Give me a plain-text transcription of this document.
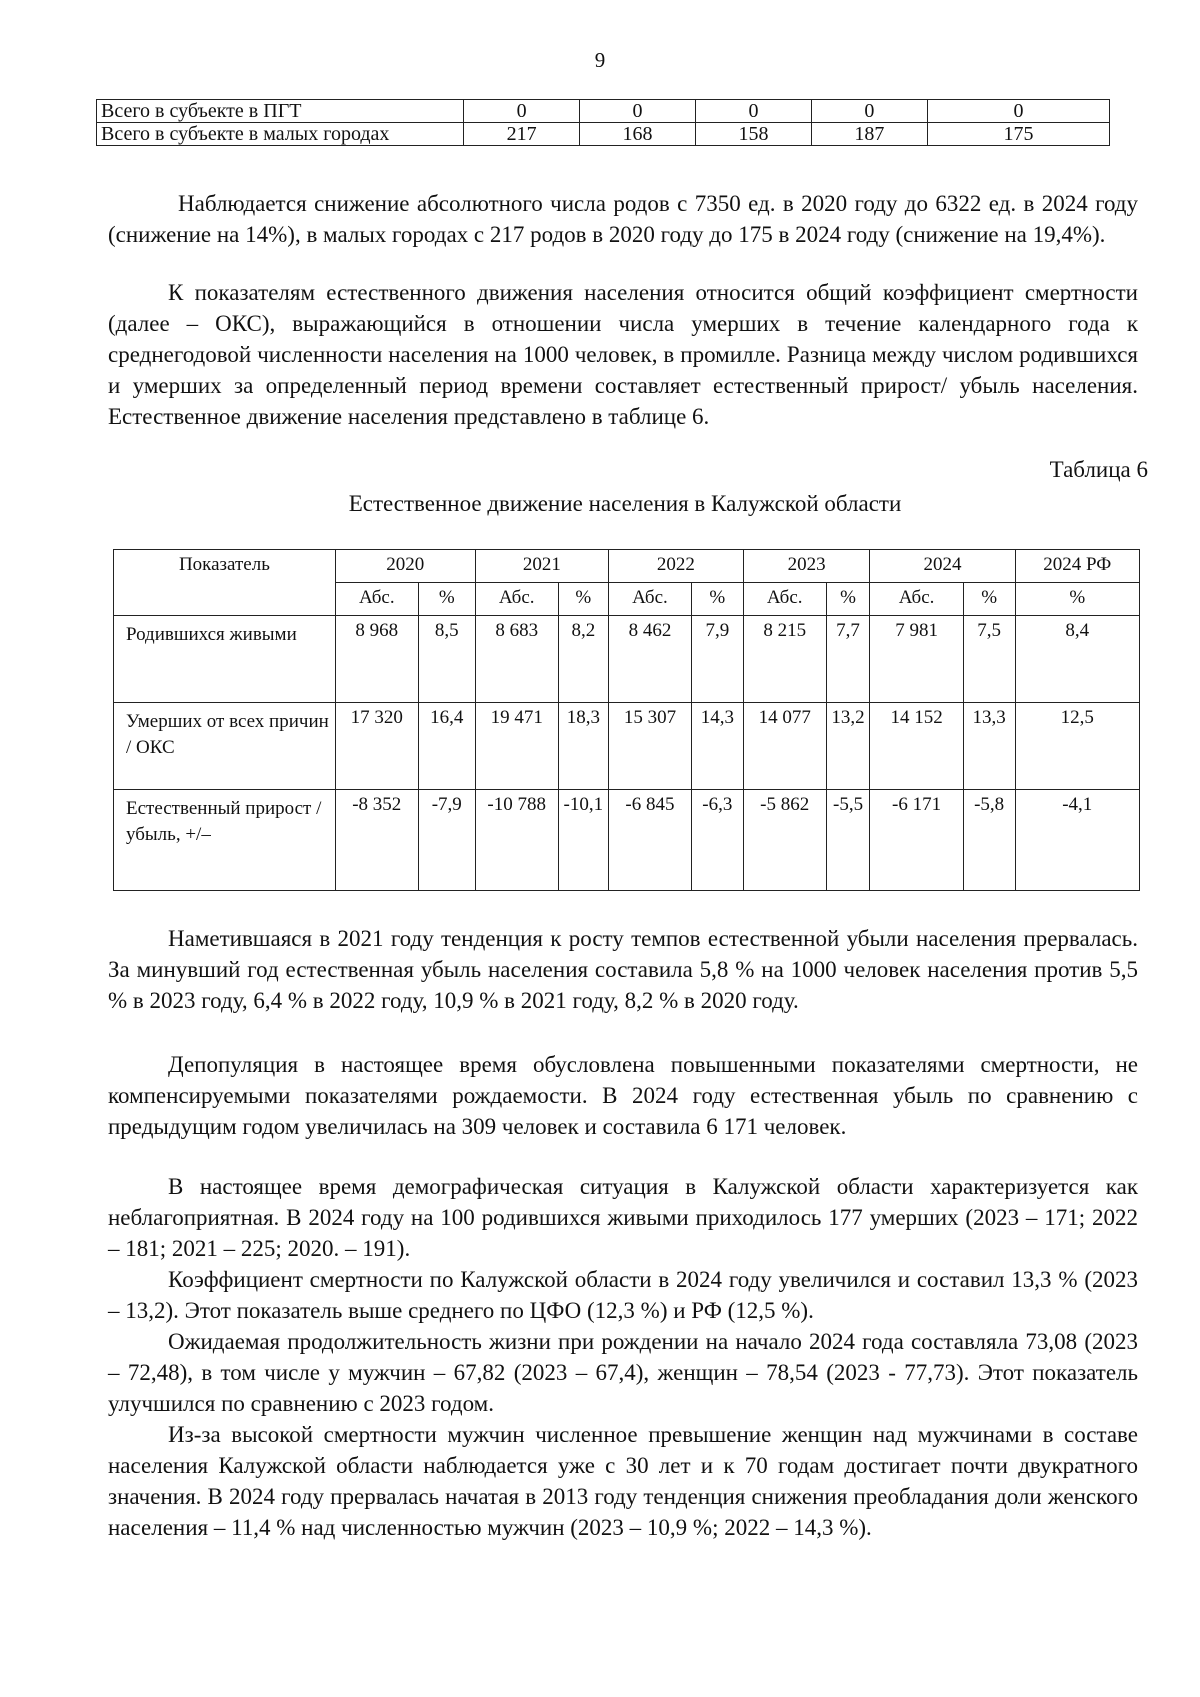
9
Всего в субъекте в ПГТ	0	0	0	0	0
Всего в субъекте в малых городах	217	168	158	187	175

Наблюдается снижение абсолютного числа родов с 7350 ед. в 2020 году до 6322 ед. в 2024 году (снижение на 14%), в малых городах с 217 родов в 2020 году до 175 в 2024 году (снижение на 19,4%).

К показателям естественного движения населения относится общий коэффициент смертности (далее – ОКС), выражающийся в отношении числа умерших в течение календарного года к среднегодовой численности населения на 1000 человек, в промилле. Разница между числом родившихся и умерших за определенный период времени составляет естественный прирост/ убыль населения. Естественное движение населения представлено в таблице 6.

Таблица 6
Естественное движение населения в Калужской области
Показатель	2020		2021		2022		2023		2024		2024 РФ
	Абс.	%	Абс.	%	Абс.	%	Абс.	%	Абс.	%	%
Родившихся живыми	8 968	8,5	8 683	8,2	8 462	7,9	8 215	7,7	7 981	7,5	8,4
Умерших от всех причин / ОКС	17 320	16,4	19 471	18,3	15 307	14,3	14 077	13,2	14 152	13,3	12,5
Естественный прирост / убыль, +/–	-8 352	-7,9	-10 788	-10,1	-6 845	-6,3	-5 862	-5,5	-6 171	-5,8	-4,1

Наметившаяся в 2021 году тенденция к росту темпов естественной убыли населения прервалась. За минувший год естественная убыль населения составила 5,8 % на 1000 человек населения против 5,5 % в 2023 году, 6,4 % в 2022 году, 10,9 % в 2021 году, 8,2 % в 2020 году.

Депопуляция в настоящее время обусловлена повышенными показателями смертности, не компенсируемыми показателями рождаемости. В 2024 году естественная убыль по сравнению с предыдущим годом увеличилась на 309 человек и составила 6 171 человек.

В настоящее время демографическая ситуация в Калужской области характеризуется как неблагоприятная. В 2024 году на 100 родившихся живыми приходилось 177 умерших (2023 – 171; 2022 – 181; 2021 – 225; 2020. – 191).

Коэффициент смертности по Калужской области в 2024 году увеличился и составил 13,3 % (2023 – 13,2). Этот показатель выше среднего по ЦФО (12,3 %) и РФ (12,5 %).

Ожидаемая продолжительность жизни при рождении на начало 2024 года составляла 73,08 (2023 – 72,48), в том числе у мужчин – 67,82 (2023 – 67,4), женщин – 78,54 (2023 - 77,73). Этот показатель улучшился по сравнению с 2023 годом.

Из-за высокой смертности мужчин численное превышение женщин над мужчинами в составе населения Калужской области наблюдается уже с 30 лет и к 70 годам достигает почти двукратного значения. В 2024 году прервалась начатая в 2013 году тенденция снижения преобладания доли женского населения – 11,4 % над численностью мужчин (2023 – 10,9 %; 2022 – 14,3 %).
